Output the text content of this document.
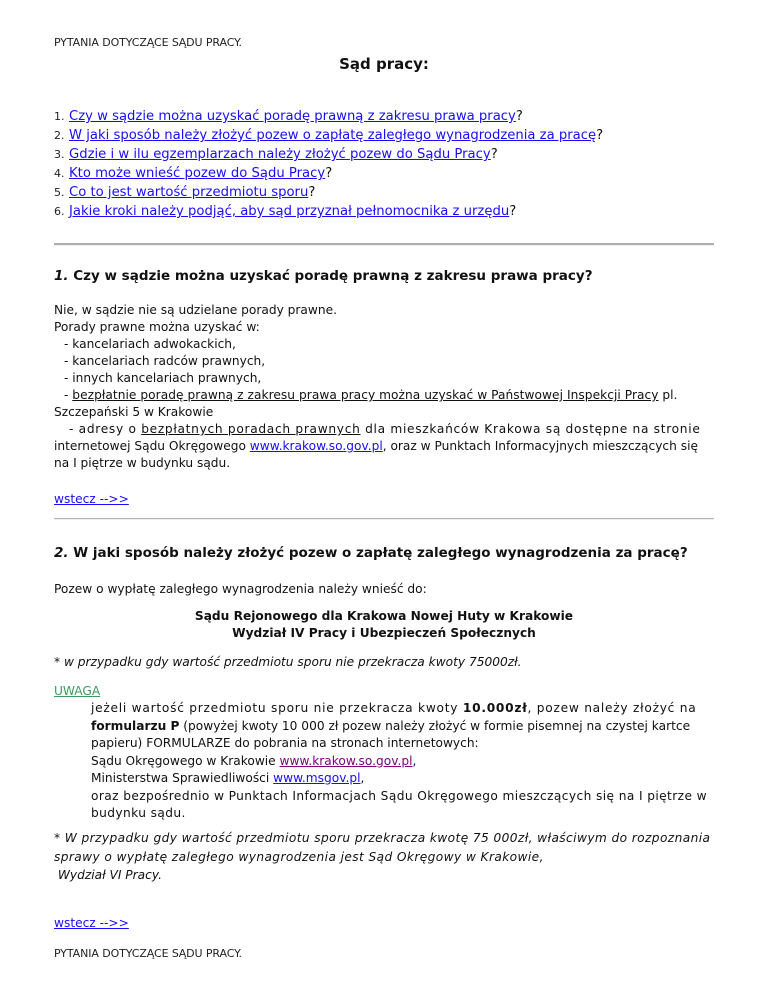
PYTANIA DOTYCZĄCE SĄDU PRACY.
Sąd pracy:
1. Czy w sądzie można uzyskać poradę prawną z zakresu prawa pracy?
2. W jaki sposób należy złożyć pozew o zapłatę zaległego wynagrodzenia za pracę?
3. Gdzie i w ilu egzemplarzach należy złożyć pozew do Sądu Pracy?
4. Kto może wnieść pozew do Sądu Pracy?
5. Co to jest wartość przedmiotu sporu?
6. Jakie kroki należy podjąć, aby sąd przyznał pełnomocnika z urzędu?
1. Czy w sądzie można uzyskać poradę prawną z zakresu prawa pracy?
Nie, w sądzie nie są udzielane porady prawne.
Porady prawne można uzyskać w:
- kancelariach adwokackich,
- kancelariach radców prawnych,
- innych kancelariach prawnych,
- bezpłatnie poradę prawną z zakresu prawa pracy można uzyskać w Państwowej Inspekcji Pracy pl.
Szczepański 5 w Krakowie
- adresy o bezpłatnych poradach prawnych dla mieszkańców Krakowa są dostępne na stronie
internetowej Sądu Okręgowego www.krakow.so.gov.pl, oraz w Punktach Informacyjnych mieszczących się
na I piętrze w budynku sądu.
wstecz -->>
2. W jaki sposób należy złożyć pozew o zapłatę zaległego wynagrodzenia za pracę?
Pozew o wypłatę zaległego wynagrodzenia należy wnieść do:
Sądu Rejonowego dla Krakowa Nowej Huty w Krakowie
Wydział IV Pracy i Ubezpieczeń Społecznych
* w przypadku gdy wartość przedmiotu sporu nie przekracza kwoty 75000zł.
UWAGA
jeżeli wartość przedmiotu sporu nie przekracza kwoty 10.000zł, pozew należy złożyć na
formularzu P (powyżej kwoty 10 000 zł pozew należy złożyć w formie pisemnej na czystej kartce
papieru) FORMULARZE do pobrania na stronach internetowych:
Sądu Okręgowego w Krakowie www.krakow.so.gov.pl,
Ministerstwa Sprawiedliwości www.msgov.pl,
oraz bezpośrednio w Punktach Informacjach Sądu Okręgowego mieszczących się na I piętrze w
budynku sądu.
* W przypadku gdy wartość przedmiotu sporu przekracza kwotę 75 000zł, właściwym do rozpoznania
sprawy o wypłatę zaległego wynagrodzenia jest Sąd Okręgowy w Krakowie,
Wydział VI Pracy.
wstecz -->>
PYTANIA DOTYCZĄCE SĄDU PRACY.
